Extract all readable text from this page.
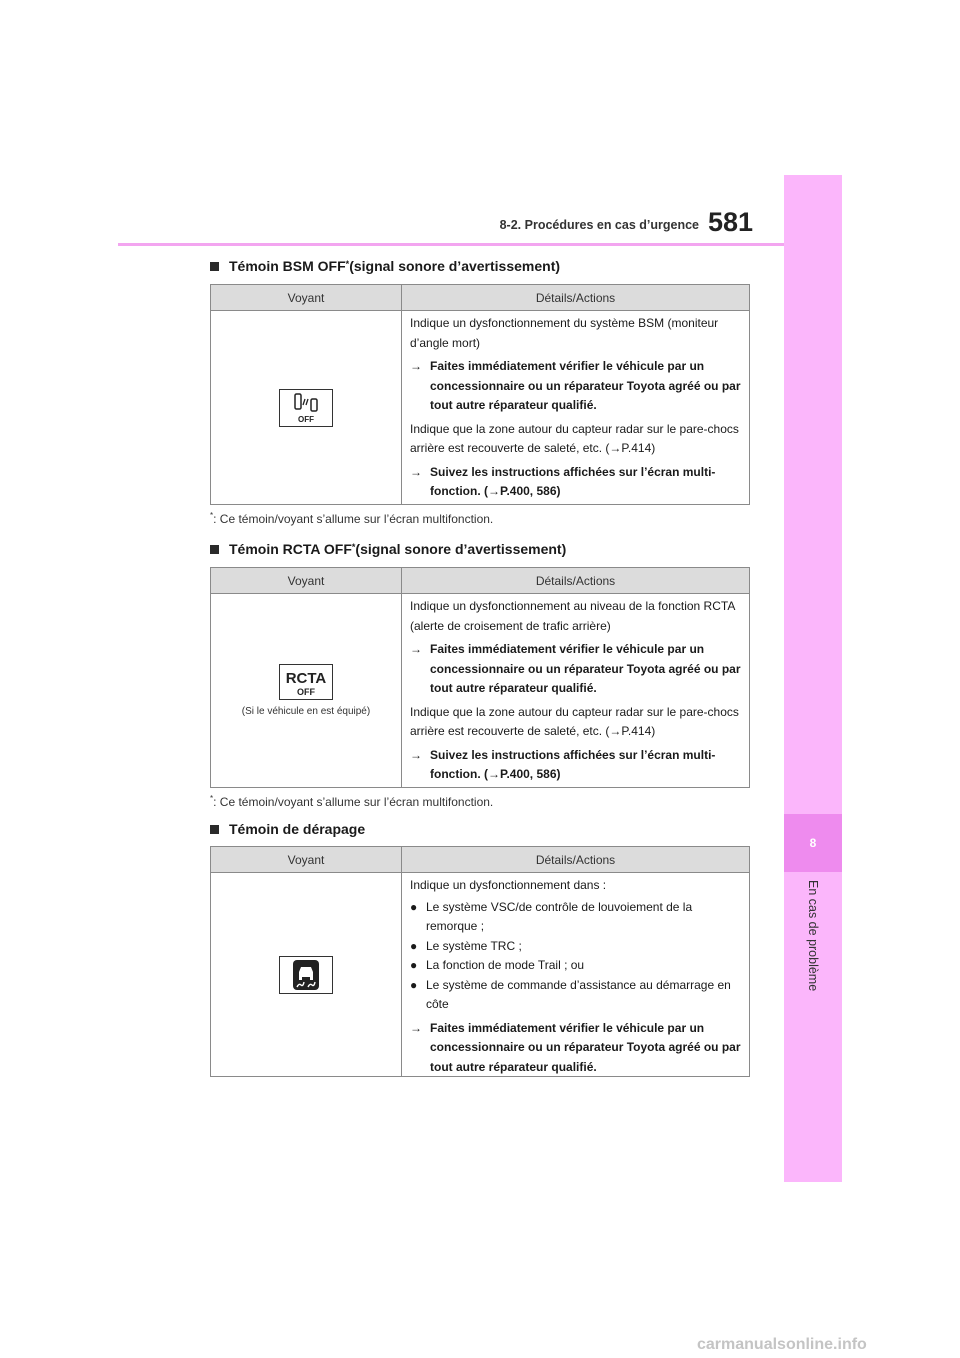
8-2. Procédures en cas d’urgence 581
8
En cas de problème
Témoin BSM OFF* (signal sonore d’avertissement)
Voyant	Détails/Actions
OFF

Indique un dysfonctionnement du système BSM (moniteur d’angle mort)

→ Faites immédiatement vérifier le véhicule par un concessionnaire ou un réparateur Toyota agréé ou par tout autre réparateur qualifié.

Indique que la zone autour du capteur radar sur le pare-chocs arrière est recouverte de saleté, etc. (→P.414)

→ Suivez les instructions affichées sur l’écran multi-fonction. (→P.400, 586)
*: Ce témoin/voyant s’allume sur l’écran multifonction.
Témoin RCTA OFF* (signal sonore d’avertissement)
Voyant	Détails/Actions
RCTA
OFF
(Si le véhicule en est équipé)

Indique un dysfonctionnement au niveau de la fonction RCTA (alerte de croisement de trafic arrière)

→ Faites immédiatement vérifier le véhicule par un concessionnaire ou un réparateur Toyota agréé ou par tout autre réparateur qualifié.

Indique que la zone autour du capteur radar sur le pare-chocs arrière est recouverte de saleté, etc. (→P.414)

→ Suivez les instructions affichées sur l’écran multi-fonction. (→P.400, 586)
*: Ce témoin/voyant s’allume sur l’écran multifonction.
Témoin de dérapage
Voyant	Détails/Actions

Indique un dysfonctionnement dans :

● Le système VSC/de contrôle de louvoiement de la remorque ;
● Le système TRC ;
● La fonction de mode Trail ; ou
● Le système de commande d’assistance au démarrage en côte
→ Faites immédiatement vérifier le véhicule par un concessionnaire ou un réparateur Toyota agréé ou par tout autre réparateur qualifié.
carmanualsonline.info
